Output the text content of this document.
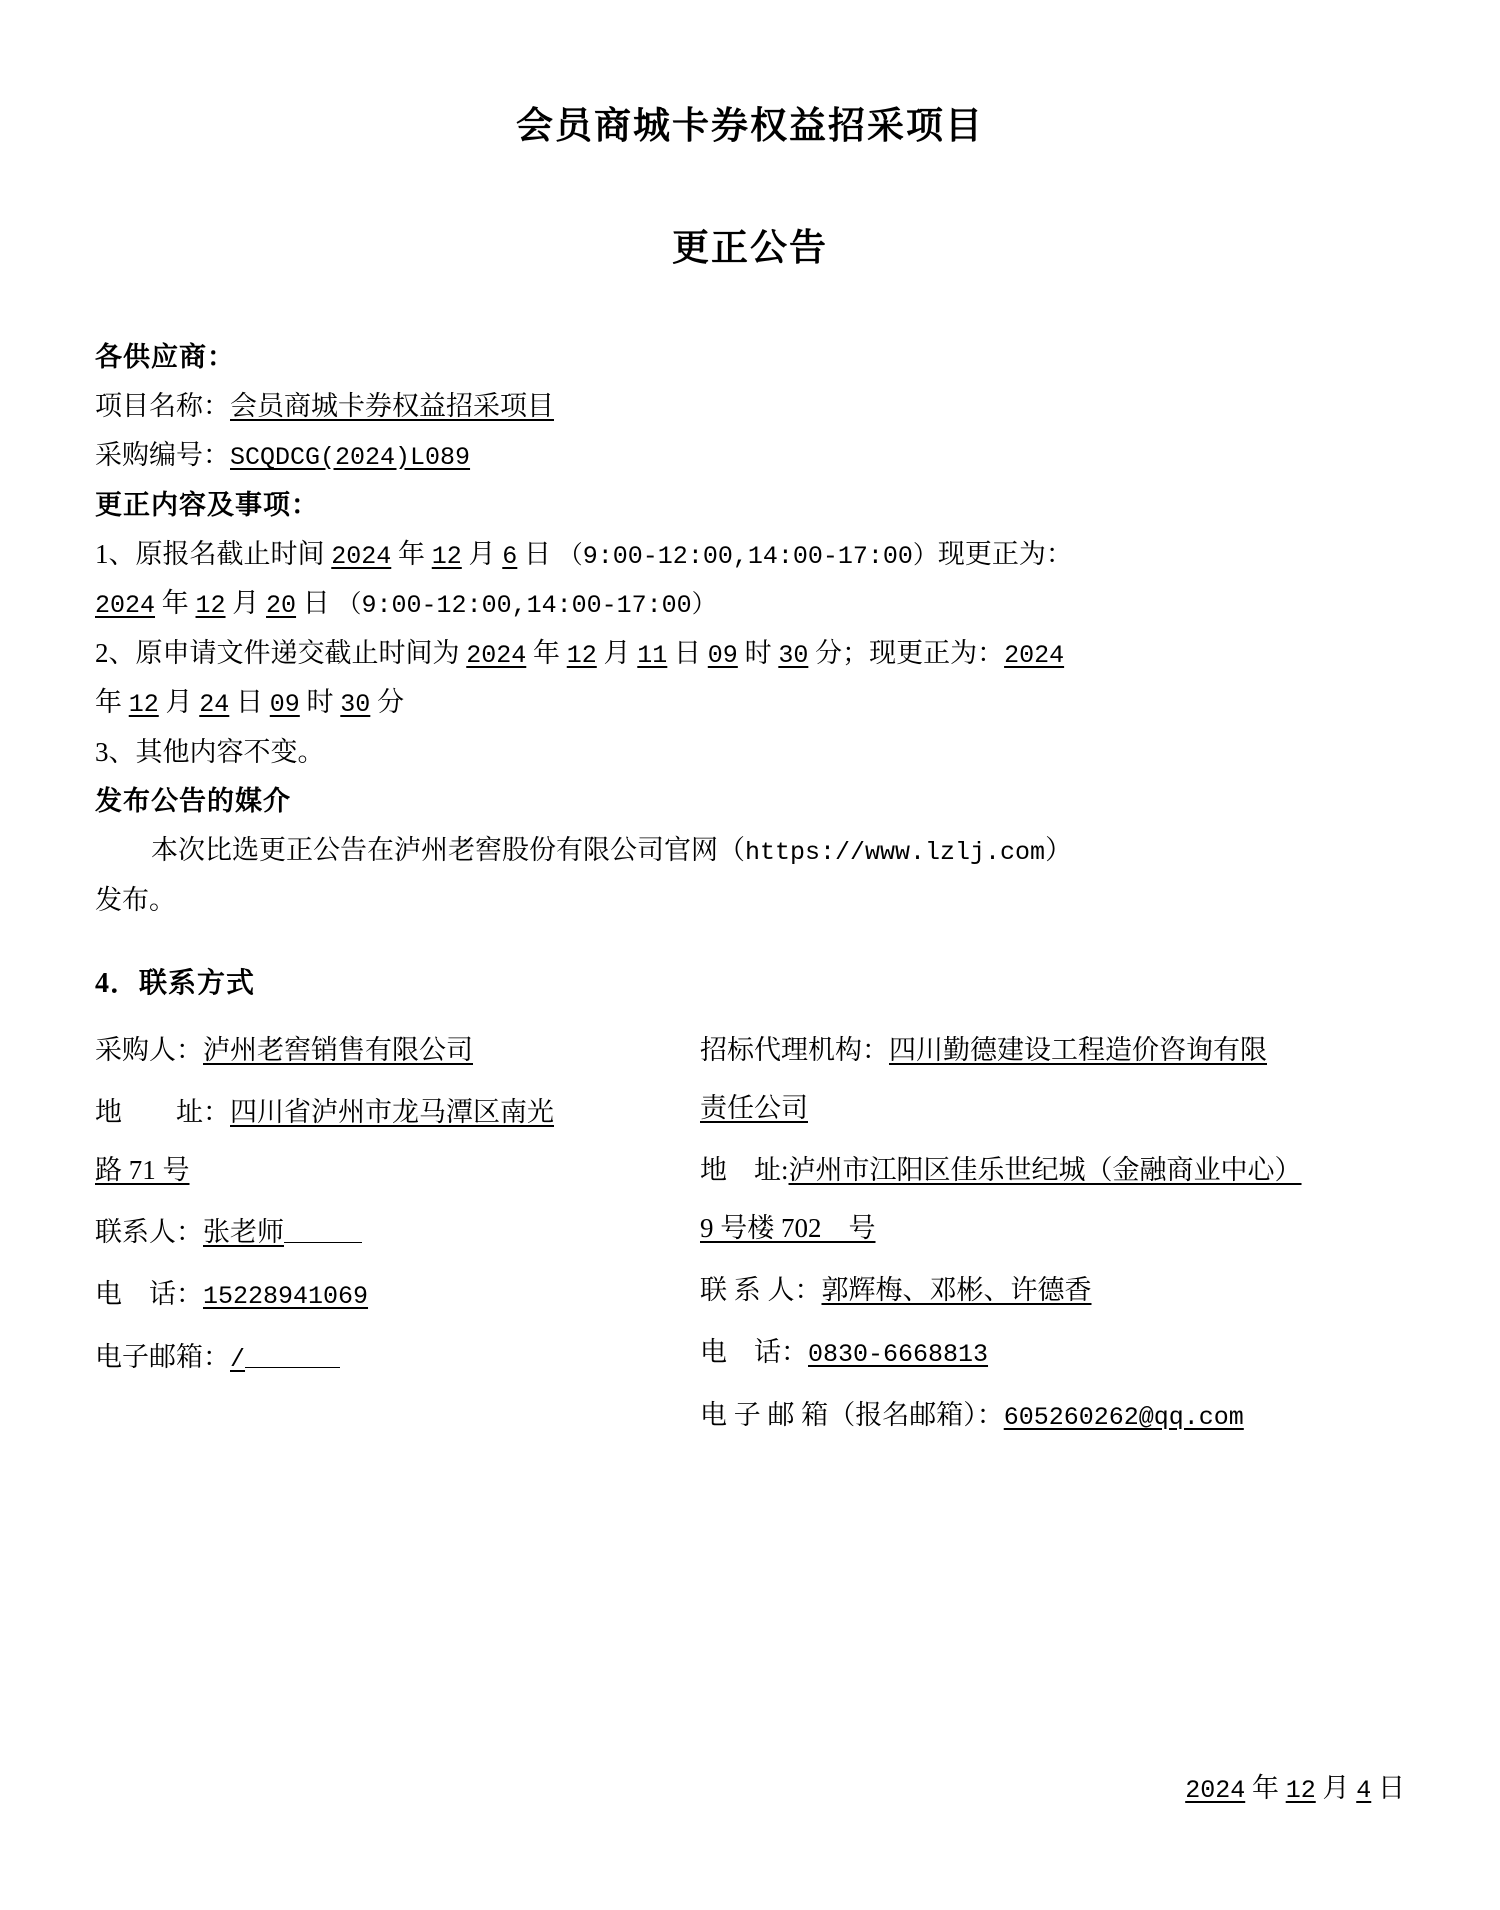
会员商城卡券权益招采项目
更正公告
各供应商：
项目名称：会员商城卡券权益招采项目
采购编号：SCQDCG(2024)L089
更正内容及事项：
1、原报名截止时间 2024 年 12 月 6 日 （9:00-12:00,14:00-17:00）现更正为：
2024 年 12 月 20 日 （9:00-12:00,14:00-17:00）
2、原申请文件递交截止时间为 2024 年 12 月 11 日 09 时 30 分；现更正为：2024
年 12 月 24 日 09 时 30 分
3、其他内容不变。
发布公告的媒介
本次比选更正公告在泸州老窖股份有限公司官网（https://www.lzlj.com）
发布。
4．联系方式
采购人：泸州老窖销售有限公司
地　　址：四川省泸州市龙马潭区南光
路 71 号
联系人：张老师
电　话：15228941069
电子邮箱：/
招标代理机构：四川勤德建设工程造价咨询有限
责任公司
地　址:泸州市江阳区佳乐世纪城（金融商业中心）
9 号楼 702　号
联 系 人：郭辉梅、邓彬、许德香
电　话：0830-6668813
电 子 邮 箱（报名邮箱）：605260262@qq.com
2024 年 12 月 4 日
